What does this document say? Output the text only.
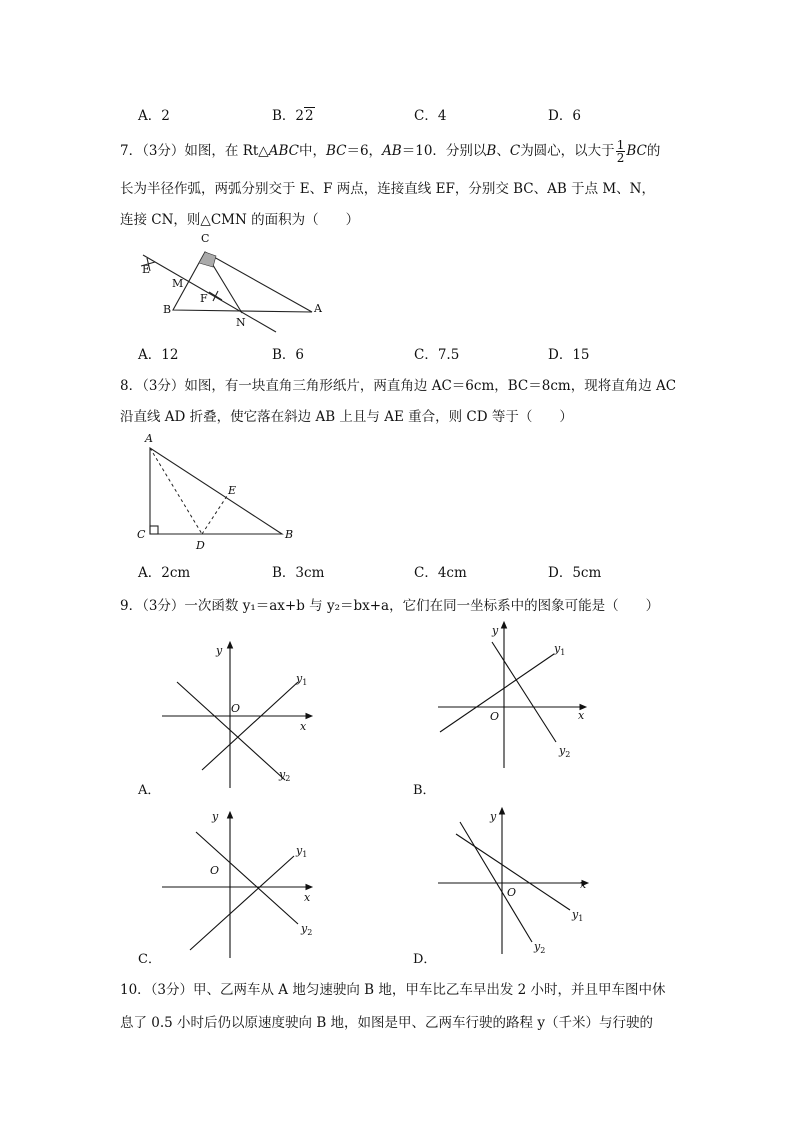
A．2	B．22	C．4	D．6
7．（3分）如图，在 Rt△ABC中，BC＝6，AB＝10．分别以B、C为圆心，以大于 $\frac{1}{2}$ BC的
长为半径作弧，两弧分别交于 E、F 两点，连接直线 EF，分别交 BC、AB 于点 M、N，
连接 CN，则△CMN 的面积为（　　）
C
E
M
F
B
N
A
A．12	B．6	C．7.5	D．15
8．（3分）如图，有一块直角三角形纸片，两直角边 AC＝6cm，BC＝8cm，现将直角边 AC
沿直线 AD 折叠，使它落在斜边 AB 上且与 AE 重合，则 CD 等于（　　）
A
C
D
E
B
A．2cm	B．3cm	C．4cm	D．5cm
9．（3分）一次函数 y₁＝ax+b 与 y₂＝bx+a，它们在同一坐标系中的图象可能是（　　）
y
x
O
$y_1$
$y_2$
A．
y
x
O
$y_1$
$y_2$
B．
y
x
O
$y_1$
$y_2$
C．
y
x
O
$y_1$
$y_2$
D．
10．（3分）甲、乙两车从 A 地匀速驶向 B 地，甲车比乙车早出发 2 小时，并且甲车图中休
息了 0.5 小时后仍以原速度驶向 B 地，如图是甲、乙两车行驶的路程 y（千米）与行驶的
